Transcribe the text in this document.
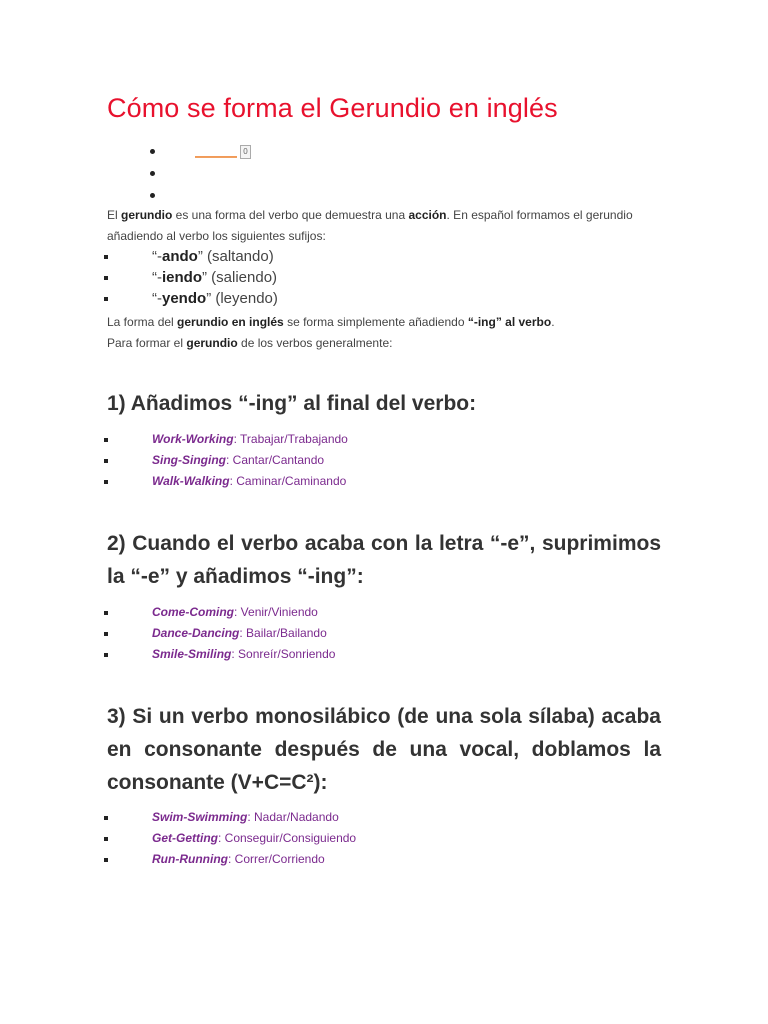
Cómo se forma el Gerundio en inglés
0

El gerundio es una forma del verbo que demuestra una acción. En español formamos el gerundio añadiendo al verbo los siguientes sufijos:

“-ando” (saltando)
“-iendo” (saliendo)
“-yendo” (leyendo)

La forma del gerundio en inglés se forma simplemente añadiendo “-ing” al verbo.

Para formar el gerundio de los verbos generalmente:

1) Añadimos “-ing” al final del verbo:
Work-Working: Trabajar/Trabajando
Sing-Singing: Cantar/Cantando
Walk-Walking: Caminar/Caminando
2) Cuando el verbo acaba con la letra “-e”, suprimimos la “-e” y añadimos “-ing”:
Come-Coming: Venir/Viniendo
Dance-Dancing: Bailar/Bailando
Smile-Smiling: Sonreír/Sonriendo
3) Si un verbo monosilábico (de una sola sílaba) acaba en consonante después de una vocal, doblamos la consonante (V+C=C²):
Swim-Swimming: Nadar/Nadando
Get-Getting: Conseguir/Consiguiendo
Run-Running: Correr/Corriendo
